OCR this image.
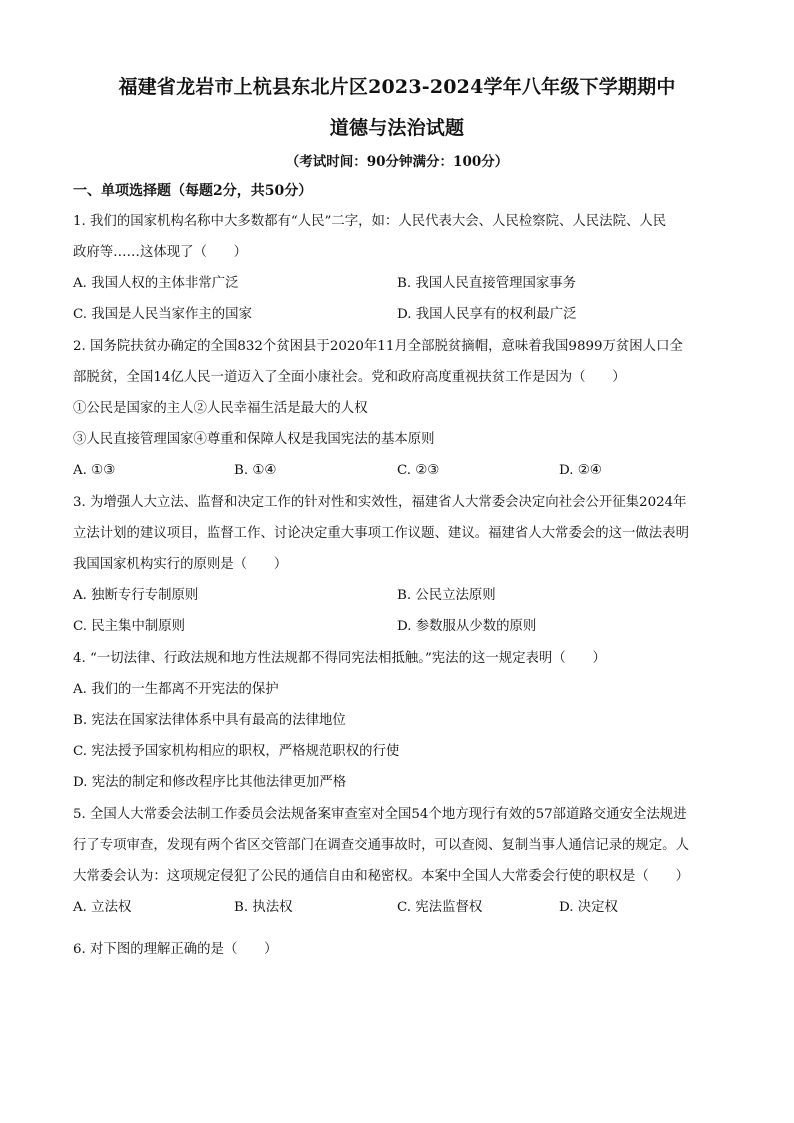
福建省龙岩市上杭县东北片区2023-2024学年八年级下学期期中
道德与法治试题
（考试时间：90分钟满分：100分）
一、单项选择题（每题2分，共50分）
1. 我们的国家机构名称中大多数都有“人民”二字，如：人民代表大会、人民检察院、人民法院、人民
政府等……这体现了（　　）
A. 我国人权的主体非常广泛	B. 我国人民直接管理国家事务
C. 我国是人民当家作主的国家	D. 我国人民享有的权利最广泛
2. 国务院扶贫办确定的全国832个贫困县于2020年11月全部脱贫摘帽，意味着我国9899万贫困人口全
部脱贫，全国14亿人民一道迈入了全面小康社会。党和政府高度重视扶贫工作是因为（　　）
①公民是国家的主人②人民幸福生活是最大的人权
③人民直接管理国家④尊重和保障人权是我国宪法的基本原则
A. ①③	B. ①④	C. ②③	D. ②④
3. 为增强人大立法、监督和决定工作的针对性和实效性，福建省人大常委会决定向社会公开征集2024年
立法计划的建议项目，监督工作、讨论决定重大事项工作议题、建议。福建省人大常委会的这一做法表明
我国国家机构实行的原则是（　　）
A. 独断专行专制原则	B. 公民立法原则
C. 民主集中制原则	D. 参数服从少数的原则
4. “一切法律、行政法规和地方性法规都不得同宪法相抵触。”宪法的这一规定表明（　　）
A. 我们的一生都离不开宪法的保护
B. 宪法在国家法律体系中具有最高的法律地位
C. 宪法授予国家机构相应的职权，严格规范职权的行使
D. 宪法的制定和修改程序比其他法律更加严格
5. 全国人大常委会法制工作委员会法规备案审查室对全国54个地方现行有效的57部道路交通安全法规进
行了专项审查，发现有两个省区交管部门在调查交通事故时，可以查阅、复制当事人通信记录的规定。人
大常委会认为：这项规定侵犯了公民的通信自由和秘密权。本案中全国人大常委会行使的职权是（　　）
A. 立法权	B. 执法权	C. 宪法监督权	D. 决定权
6. 对下图的理解正确的是（　　）
